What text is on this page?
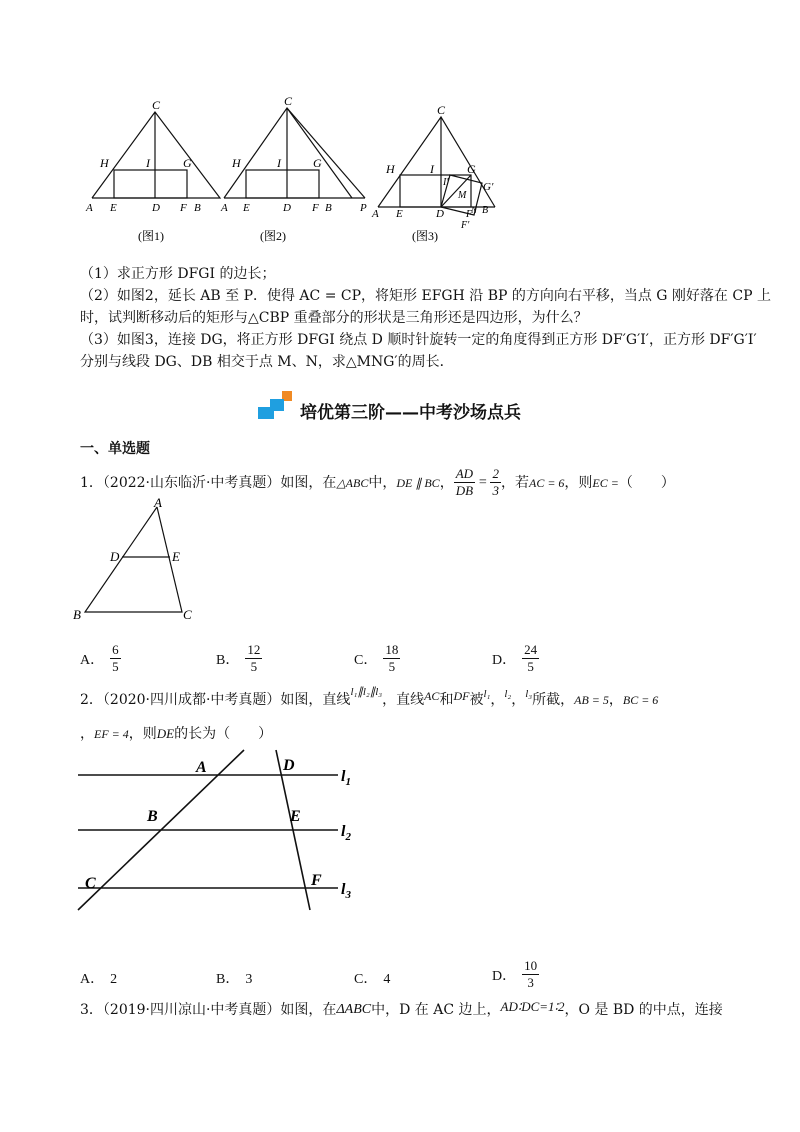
C
H	I	G
A E	D F B
(图1)
C
H	I	G
A E	D F B	P
(图2)
C
H	I	G
I′	G′
M
N
A E	D F B
F′
(图3)
（1）求正方形 DFGI 的边长；
（2）如图2，延长 AB 至 P．使得 AC = CP，将矩形 EFGH 沿 BP 的方向向右平移，当点 G 刚好落在 CP 上
时，试判断移动后的矩形与△CBP 重叠部分的形状是三角形还是四边形，为什么？
（3）如图3，连接 DG，将正方形 DFGI 绕点 D 顺时针旋转一定的角度得到正方形 DF′G′I′，正方形 DF′G′I′
分别与线段 DG、DB 相交于点 M、N，求△MNG′的周长．
培优第三阶——中考沙场点兵
一、单选题
1．（2022·山东临沂·中考真题）如图，在 △ABC 中， DE ∥ BC ， $\frac{AD}{DB} = \frac{2}{3}$ ，若 AC = 6 ，则 EC = （　　）
A
D	E
B	C
A． $\frac{6}{5}$	B． $\frac{12}{5}$	C． $\frac{18}{5}$	D． $\frac{24}{5}$
2．（2020·四川成都·中考真题）如图，直线 l₁∥l₂∥l₃ ，直线 AC 和 DF 被 l₁ ， l₂ ， l₃ 所截， AB = 5 ， BC = 6
， EF = 4 ，则 DE 的长为（　　）
A	D
B	E
C	F
$l_1$
$l_2$
$l_3$
A． 2	B． 3	C． 4	D． $\frac{10}{3}$
3．（2019·四川凉山·中考真题）如图，在 ΔABC 中，D 在 AC 边上， AD∶DC=1∶2 ，O 是 BD 的中点，连接
